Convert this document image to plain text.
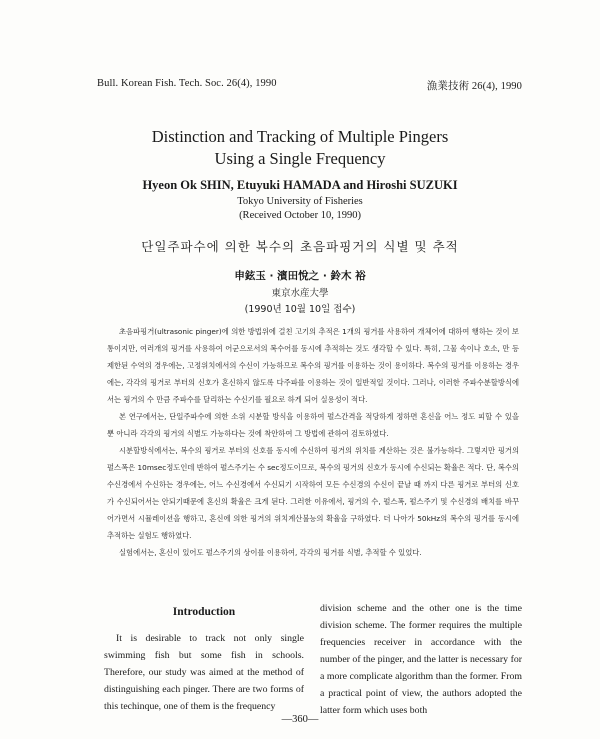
Bull. Korean Fish. Tech. Soc. 26(4), 1990	漁業技術 26(4), 1990
Distinction and Tracking of Multiple Pingers
Using a Single Frequency
Hyeon Ok SHIN, Etuyuki HAMADA and Hiroshi SUZUKI
Tokyo University of Fisheries
(Received October 10, 1990)
단일주파수에 의한 복수의 초음파핑거의 식별 및 추적
申鉉玉 · 濱田悅之 · 鈴木 裕
東京水産大學
(1990년 10월 10일 접수)

초음파핑거(ultrasonic pinger)에 의한 방법위에 걸친 고기의 추적은 1개의 핑거를 사용하여 개체어에 대하여 행하는 것이 보통이지만, 여러개의 핑거를 사용하여 어군으로서의 복수어를 동시에 추적하는 것도 생각할 수 있다. 특히, 그물 속이나 호소, 만 등 제한된 수역의 경우에는, 고정위치에서의 수신이 가능하므로 복수의 핑거를 이용하는 것이 용이하다. 복수의 핑거를 이용하는 경우에는, 각각의 핑거로 부터의 신호가 혼신하지 않도록 다주파를 이용하는 것이 일반적일 것이다. 그러나, 이러한 주파수분할방식에서는 핑거의 수 만큼 주파수를 달리하는 수신기를 필요로 하게 되어 실용성이 적다.

본 연구에서는, 단일주파수에 의한 소위 시분할 방식을 이용하여 펄스간격을 적당하게 정하면 혼신을 어느 정도 피할 수 있을 뿐 아니라 각각의 핑거의 식별도 가능하다는 것에 착안하여 그 방법에 관하여 검토하였다.

시분할방식에서는, 복수의 핑거로 부터의 신호를 동시에 수신하여 핑거의 위치를 계산하는 것은 불가능하다. 그렇지만 핑거의 펄스폭은 10msec정도인데 반하여 펄스주기는 수 sec정도이므로, 복수의 핑거의 신호가 동시에 수신되는 확율은 적다. 단, 복수의 수신경에서 수신하는 경우에는, 어느 수신경에서 수신되기 시작하여 모든 수신경의 수신이 끝날 때 까지 다른 핑거로 부터의 신호가 수신되어서는 안되기때문에 혼신의 확율은 크게 된다. 그러한 이유에서, 핑거의 수, 펄스폭, 펄스주기 및 수신경의 배치를 바꾸어가면서 시뮬레이션을 행하고, 혼신에 의한 핑거의 위치계산불능의 확율을 구하였다. 더 나아가 50kHz의 복수의 핑거를 동시에 추적하는 실험도 행하였다.

실험에서는, 혼신이 있어도 펄스주기의 상이를 이용하여, 각각의 핑거를 식별, 추적할 수 있었다.

Introduction

It is desirable to track not only single swimming fish but some fish in schools. Therefore, our study was aimed at the method of distinguishing each pinger. There are two forms of this techinque, one of them is the frequency

division scheme and the other one is the time division scheme. The former requires the multiple frequencies receiver in accordance with the number of the pinger, and the latter is necessary for a more complicate algorithm than the former. From a practical point of view, the authors adopted the latter form which uses both

—360—
